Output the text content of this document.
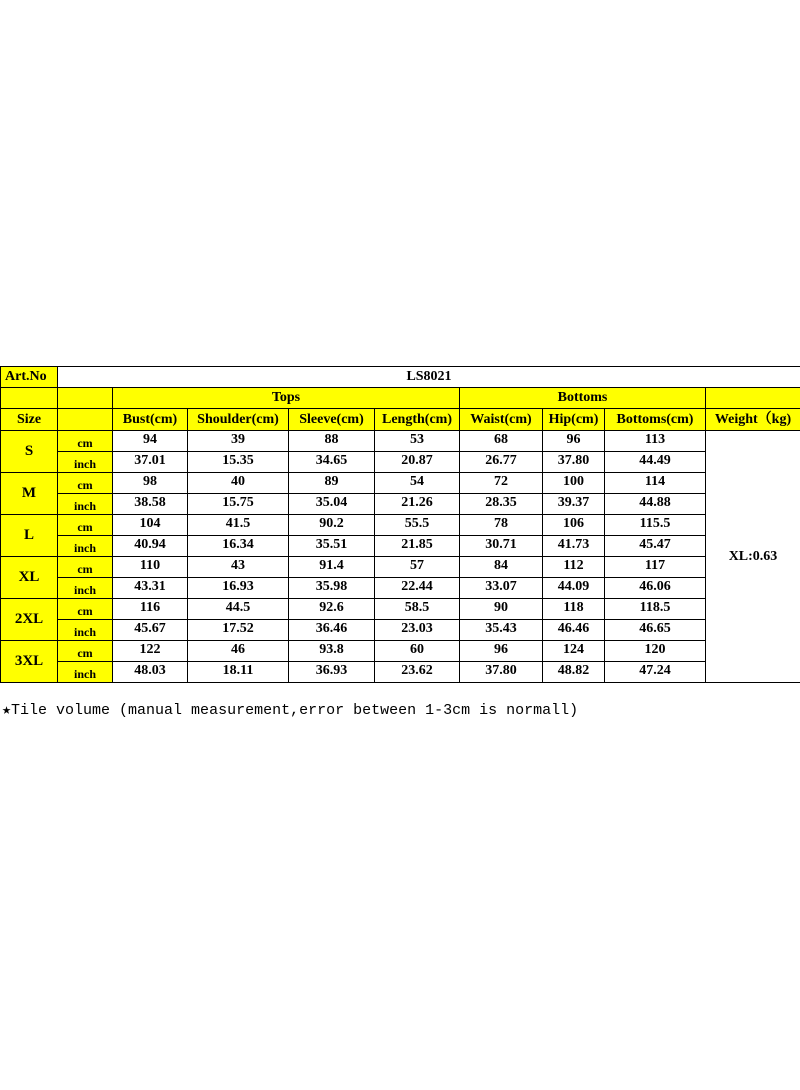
Art.No	LS8021								
		Tops				Bottoms			
Size		Bust(cm)	Shoulder(cm)	Sleeve(cm)	Length(cm)	Waist(cm)	Hip(cm)	Bottoms(cm)	Weight（kg)
S	cm	94	39	88	53	68	96	113	XL:0.63
	inch	37.01	15.35	34.65	20.87	26.77	37.80	44.49	
M	cm	98	40	89	54	72	100	114	
	inch	38.58	15.75	35.04	21.26	28.35	39.37	44.88	
L	cm	104	41.5	90.2	55.5	78	106	115.5	
	inch	40.94	16.34	35.51	21.85	30.71	41.73	45.47	
XL	cm	110	43	91.4	57	84	112	117	
	inch	43.31	16.93	35.98	22.44	33.07	44.09	46.06	
2XL	cm	116	44.5	92.6	58.5	90	118	118.5	
	inch	45.67	17.52	36.46	23.03	35.43	46.46	46.65	
3XL	cm	122	46	93.8	60	96	124	120	
	inch	48.03	18.11	36.93	23.62	37.80	48.82	47.24	
★Tile volume (manual measurement,error between 1-3cm is normall)
